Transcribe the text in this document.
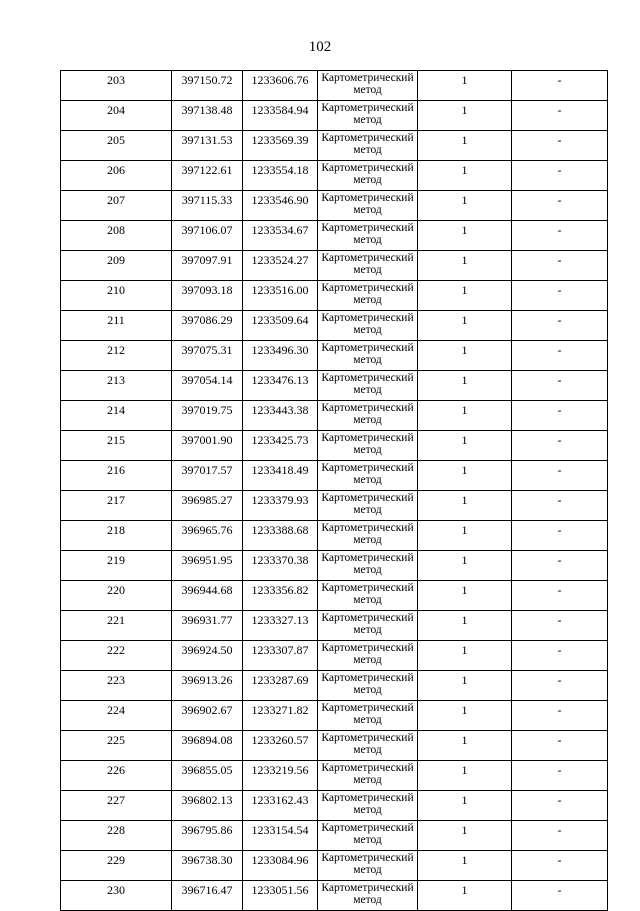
102
203	397150.72	1233606.76	Картометрический метод	1	-
204	397138.48	1233584.94	Картометрический метод	1	-
205	397131.53	1233569.39	Картометрический метод	1	-
206	397122.61	1233554.18	Картометрический метод	1	-
207	397115.33	1233546.90	Картометрический метод	1	-
208	397106.07	1233534.67	Картометрический метод	1	-
209	397097.91	1233524.27	Картометрический метод	1	-
210	397093.18	1233516.00	Картометрический метод	1	-
211	397086.29	1233509.64	Картометрический метод	1	-
212	397075.31	1233496.30	Картометрический метод	1	-
213	397054.14	1233476.13	Картометрический метод	1	-
214	397019.75	1233443.38	Картометрический метод	1	-
215	397001.90	1233425.73	Картометрический метод	1	-
216	397017.57	1233418.49	Картометрический метод	1	-
217	396985.27	1233379.93	Картометрический метод	1	-
218	396965.76	1233388.68	Картометрический метод	1	-
219	396951.95	1233370.38	Картометрический метод	1	-
220	396944.68	1233356.82	Картометрический метод	1	-
221	396931.77	1233327.13	Картометрический метод	1	-
222	396924.50	1233307.87	Картометрический метод	1	-
223	396913.26	1233287.69	Картометрический метод	1	-
224	396902.67	1233271.82	Картометрический метод	1	-
225	396894.08	1233260.57	Картометрический метод	1	-
226	396855.05	1233219.56	Картометрический метод	1	-
227	396802.13	1233162.43	Картометрический метод	1	-
228	396795.86	1233154.54	Картометрический метод	1	-
229	396738.30	1233084.96	Картометрический метод	1	-
230	396716.47	1233051.56	Картометрический метод	1	-
